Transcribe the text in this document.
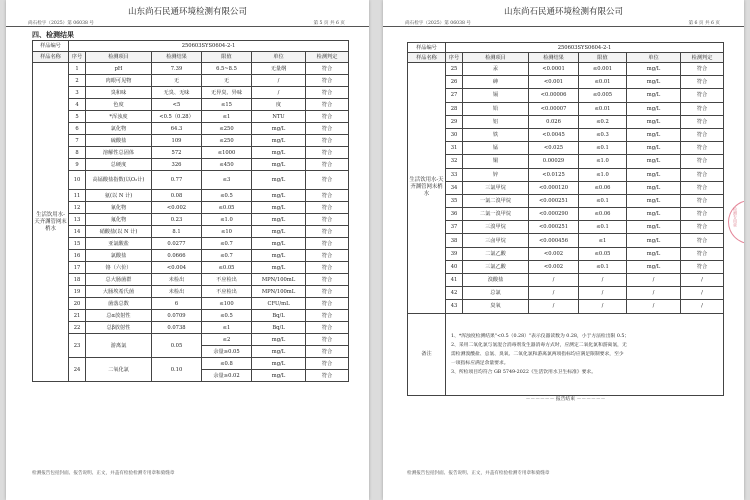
山东尚石民通环境检测有限公司
尚石检字（2025）第 06038 号	第 5 页 共 6 页
四、检测结果
样品编号	250603SYS0604-2-1					
样品名称	序号	检测项目	检测结果	限值	单位	检测判定
生活饮用水-天齐渊管网末梢水	1	pH	7.39	6.5~8.5	无量纲	符合
	2	肉眼可见物	无	无	/	符合
	3	臭和味	无臭、无味	无异臭、异味	/	符合
	4	色度	<5	≤15	度	符合
	5	*浑浊度	<0.5（0.28）	≤1	NTU	符合
	6	氯化物	64.3	≤250	mg/L	符合
	7	硫酸盐	109	≤250	mg/L	符合
	8	溶解性总固体	572	≤1000	mg/L	符合
	9	总硬度	326	≤450	mg/L	符合
	10	高锰酸盐指数(以O₂计)	0.77	≤3	mg/L	符合
	11	氨(以 N 计)	0.08	≤0.5	mg/L	符合
	12	氰化物	<0.002	≤0.05	mg/L	符合
	13	氟化物	0.23	≤1.0	mg/L	符合
	14	硝酸盐(以 N 计)	8.1	≤10	mg/L	符合
	15	亚氯酸盐	0.0277	≤0.7	mg/L	符合
	16	氯酸盐	0.0666	≤0.7	mg/L	符合
	17	铬（六价）	<0.004	≤0.05	mg/L	符合
	18	总大肠菌群	未检出	不应检出	MPN/100mL	符合
	19	大肠埃希氏菌	未检出	不应检出	MPN/100mL	符合
	20	菌落总数	6	≤100	CFU/mL	符合
	21	总α放射性	0.0709	≤0.5	Bq/L	符合
	22	总β放射性	0.0738	≤1	Bq/L	符合
	23	游离氯	0.05	≤2	mg/L	符合
				余量≥0.05	mg/L	符合
	24	二氧化氯	0.10	≤0.8	mg/L	符合
				余量≥0.02	mg/L	符合
检测报告包括封面、报告说明、正文，并盖有检验检测专用章和骑缝章
山东尚石民通环境检测有限公司
尚石检字（2025）第 06038 号	第 6 页 共 6 页
样品编号	250603SYS0604-2-1					
样品名称	序号	检测项目	检测结果	限值	单位	检测判定
生活饮用水-天齐渊管网末梢水	25	汞	<0.0001	≤0.001	mg/L	符合
	26	砷	<0.001	≤0.01	mg/L	符合
	27	镉	<0.00006	≤0.005	mg/L	符合
	28	铅	<0.00007	≤0.01	mg/L	符合
	29	铝	0.026	≤0.2	mg/L	符合
	30	铁	<0.0045	≤0.3	mg/L	符合
	31	锰	<0.025	≤0.1	mg/L	符合
	32	铜	0.00029	≤1.0	mg/L	符合
	33	锌	<0.0125	≤1.0	mg/L	符合
	34	三氯甲烷	<0.000120	≤0.06	mg/L	符合
	35	一氯二溴甲烷	<0.000251	≤0.1	mg/L	符合
	36	二氯一溴甲烷	<0.000290	≤0.06	mg/L	符合
	37	三溴甲烷	<0.000251	≤0.1	mg/L	符合
	38	三卤甲烷	<0.000456	≤1	mg/L	符合
	39	二氯乙酸	<0.002	≤0.05	mg/L	符合
	40	三氯乙酸	<0.002	≤0.1	mg/L	符合
	41	溴酸盐	/	/	/	/
	42	总氯	/	/	/	/
	43	臭氧	/	/	/	/
备注	1、*浑浊度检测结果"<0.5（0.28）"表示仪器读数为 0.28，小于方法检出限 0.5；

2、采用二氧化氯与氯混合消毒剂发生器消毒方式时，应测定二氧化氯和游离氯，无

需检测溴酸盐、总氯、臭氧、二氧化氯和游离氯两项指标均应满足限制要求，至少

一项指标应满足余量要求。

3、所检项目均符合 GB 5749-2022《生活饮用水卫生标准》要求。					

－－－－－－ 报告结束 －－－－－－						
检测专用章
检测报告包括封面、报告说明、正文，并盖有检验检测专用章和骑缝章
